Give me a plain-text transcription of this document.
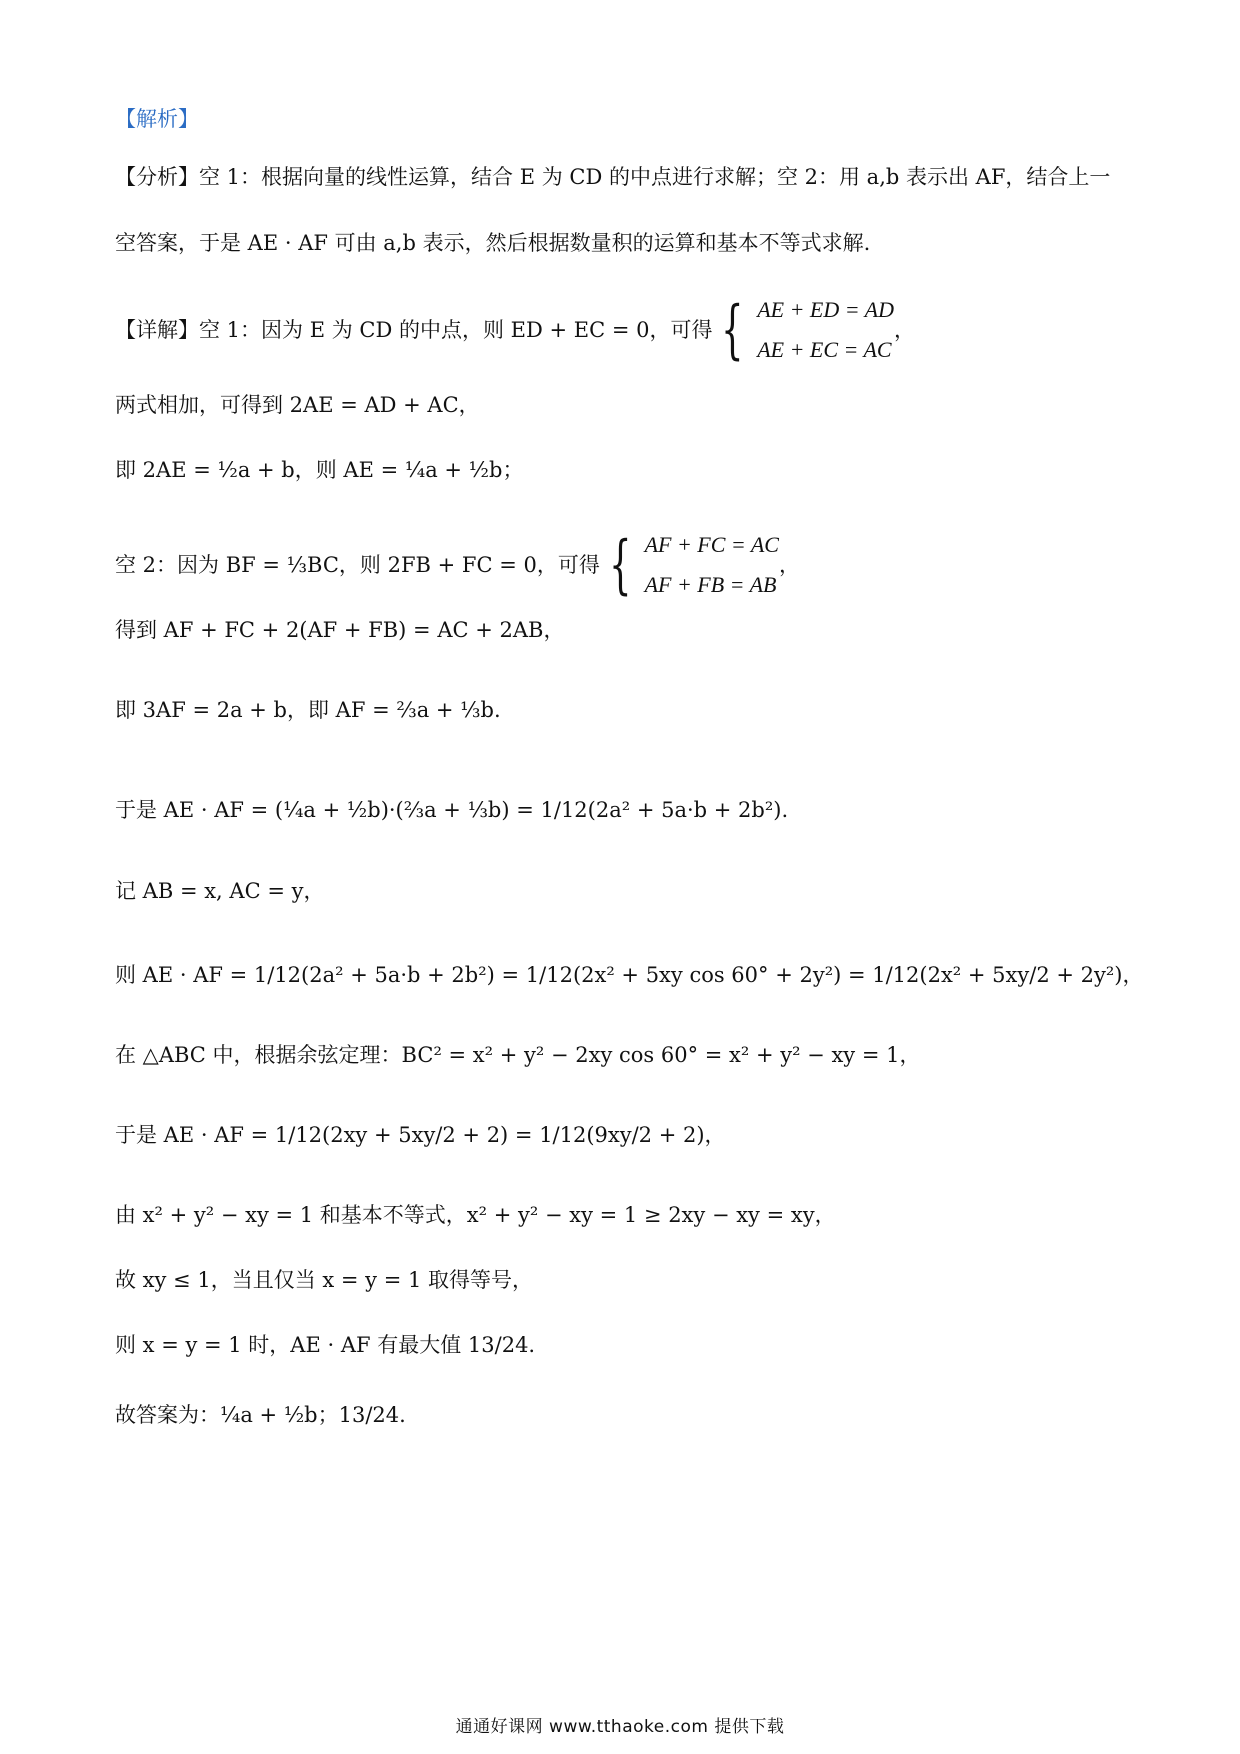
【解析】
【分析】空 1：根据向量的线性运算，结合 E 为 CD 的中点进行求解；空 2：用 a,b 表示出 AF，结合上一
空答案，于是 AE · AF 可由 a,b 表示，然后根据数量积的运算和基本不等式求解.
【详解】空 1：因为 E 为 CD 的中点，则 ED + EC = 0，可得 { AE + ED = AD
AE + EC = AC
，
两式相加，可得到 2AE = AD + AC，
即 2AE = ½a + b，则 AE = ¼a + ½b；
空 2：因为 BF = ⅓BC，则 2FB + FC = 0，可得 { AF + FC = AC
AF + FB = AB
，
得到 AF + FC + 2(AF + FB) = AC + 2AB，
即 3AF = 2a + b，即 AF = ⅔a + ⅓b.
于是 AE · AF = (¼a + ½b)·(⅔a + ⅓b) = 1/12(2a² + 5a·b + 2b²).
记 AB = x, AC = y，
则 AE · AF = 1/12(2a² + 5a·b + 2b²) = 1/12(2x² + 5xy cos 60° + 2y²) = 1/12(2x² + 5xy/2 + 2y²)，
在 △ABC 中，根据余弦定理：BC² = x² + y² − 2xy cos 60° = x² + y² − xy = 1，
于是 AE · AF = 1/12(2xy + 5xy/2 + 2) = 1/12(9xy/2 + 2)，
由 x² + y² − xy = 1 和基本不等式，x² + y² − xy = 1 ≥ 2xy − xy = xy，
故 xy ≤ 1，当且仅当 x = y = 1 取得等号，
则 x = y = 1 时，AE · AF 有最大值 13/24.
故答案为：¼a + ½b；13/24.
通通好课网 www.tthaoke.com 提供下载
